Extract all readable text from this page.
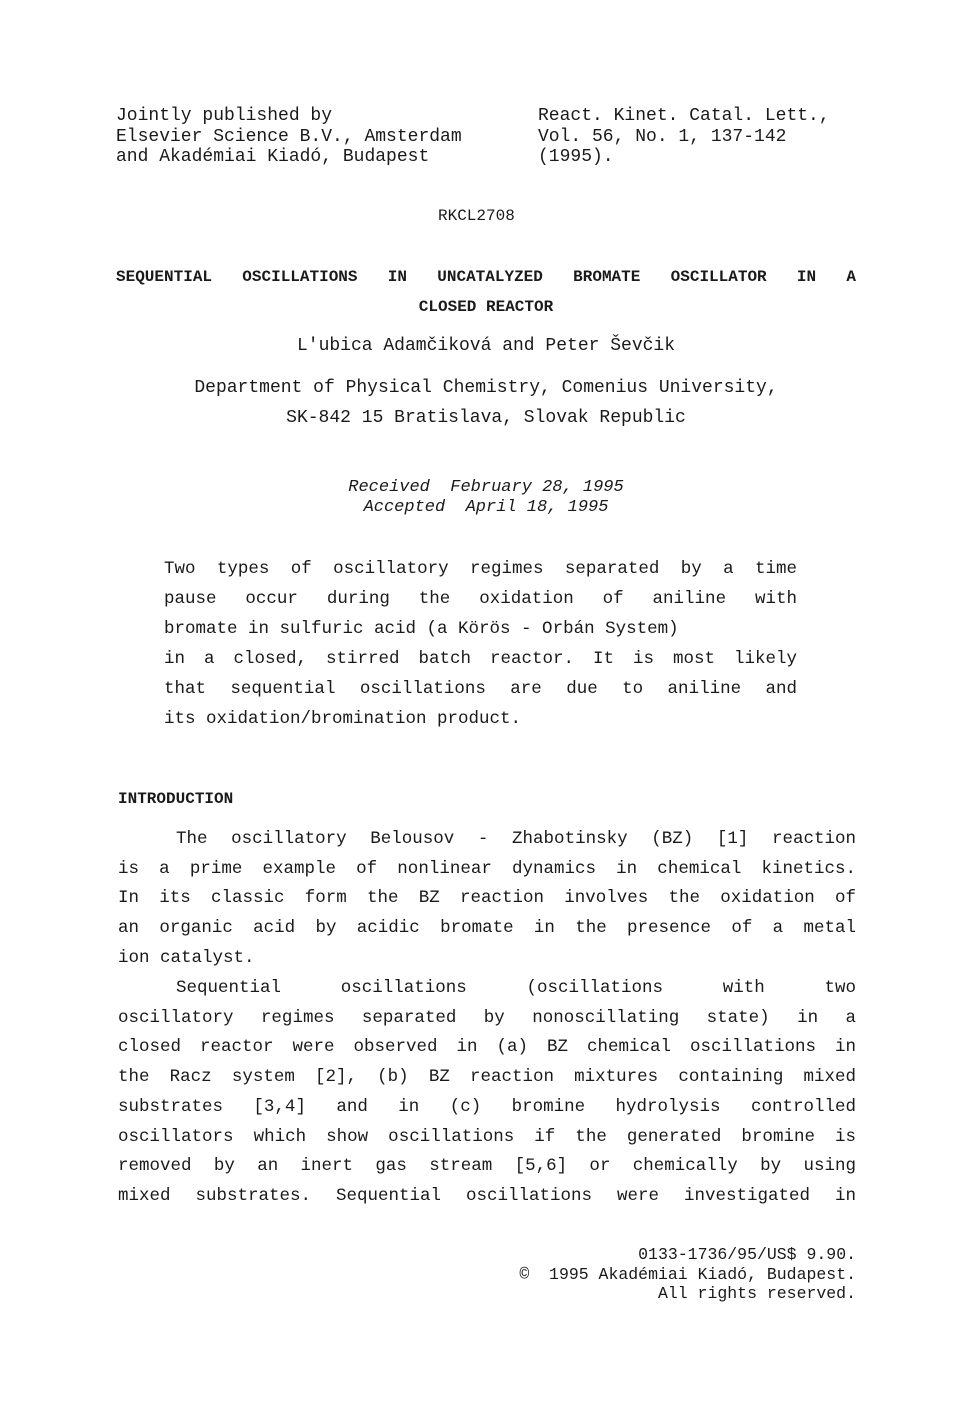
Jointly published by
Elsevier Science B.V., Amsterdam
and Akadémiai Kiadó, Budapest
React. Kinet. Catal. Lett.,
Vol. 56, No. 1, 137-142
(1995).
RKCL2708
SEQUENTIAL OSCILLATIONS IN UNCATALYZED BROMATE OSCILLATOR IN A
CLOSED REACTOR
L'ubica Adamčiková and Peter Ševčik
Department of Physical Chemistry, Comenius University,
SK-842 15 Bratislava, Slovak Republic
Received  February 28, 1995
Accepted  April 18, 1995
Two types of oscillatory regimes separated by a time
pause occur during the oxidation of aniline with
bromate in sulfuric acid (a Körös - Orbán System)
in a closed, stirred batch reactor. It is most likely
that sequential oscillations are due to aniline and
its oxidation/bromination product.
INTRODUCTION
The oscillatory Belousov - Zhabotinsky (BZ) [1] reaction
is a prime example of nonlinear dynamics in chemical kinetics.
In its classic form the BZ reaction involves the oxidation of
an organic acid by acidic bromate in the presence of a metal
ion catalyst.
Sequential oscillations (oscillations with two
oscillatory regimes separated by nonoscillating state) in a
closed reactor were observed in (a) BZ chemical oscillations in
the Racz system [2], (b) BZ reaction mixtures containing mixed
substrates [3,4] and in (c) bromine hydrolysis controlled
oscillators which show oscillations if the generated bromine is
removed by an inert gas stream [5,6] or chemically by using
mixed substrates. Sequential oscillations were investigated in
0133-1736/95/US$ 9.90.
©  1995 Akadémiai Kiadó, Budapest.
All rights reserved.
